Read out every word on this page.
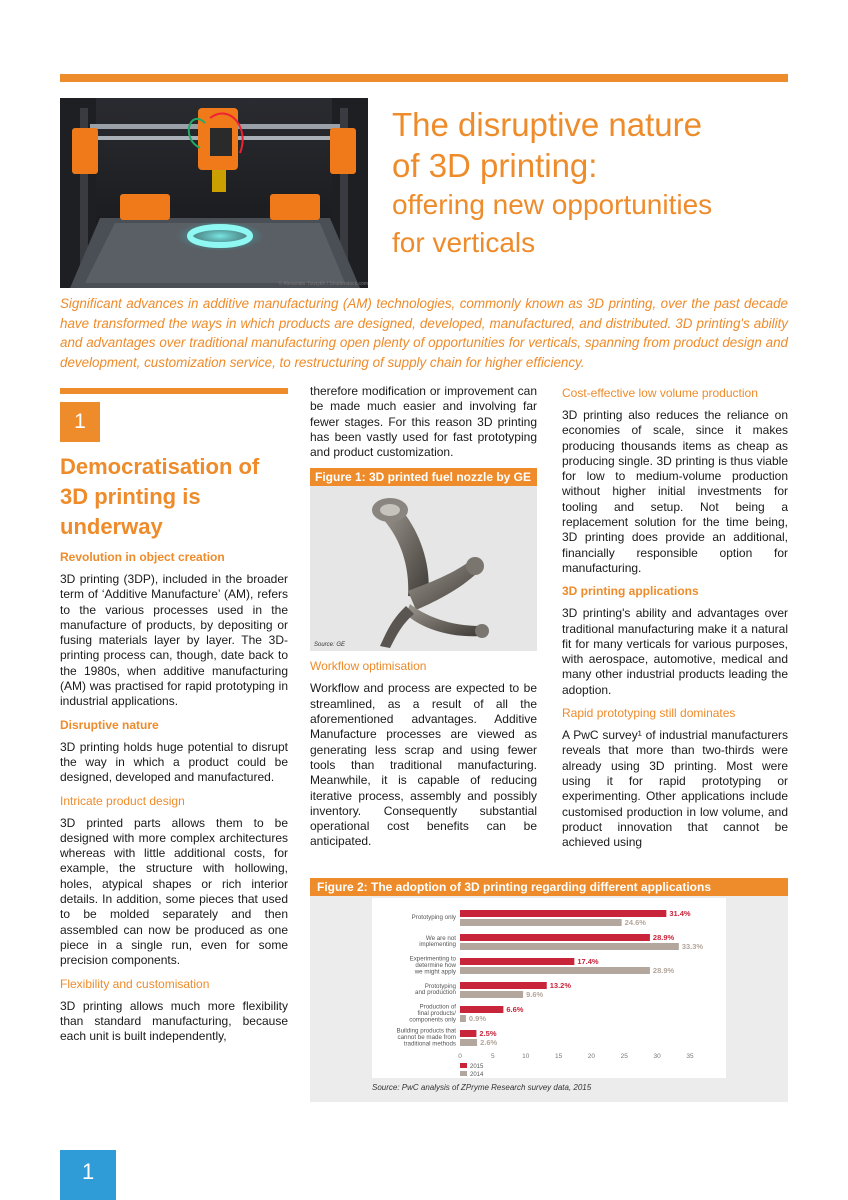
© Alexander Tolstykh / Shutterstock.com
The disruptive nature
of 3D printing:
offering new opportunities
for verticals
Significant advances in additive manufacturing (AM) technologies, commonly known as 3D printing, over the past decade have transformed the ways in which products are designed, developed, manufactured, and distributed. 3D printing's ability and advantages over traditional manufacturing open plenty of opportunities for verticals, spanning from product design and development, customization service, to restructuring of supply chain for higher efficiency.
1
Democratisation of 3D printing is underway
Revolution in object creation

3D printing (3DP), included in the broader term of ‘Additive Manufacture’ (AM), refers to the various processes used in the manufacture of products, by depositing or fusing materials layer by layer. The 3D-printing process can, though, date back to the 1980s, when additive manufacturing (AM) was practised for rapid prototyping in industrial applications.

Disruptive nature

3D printing holds huge potential to disrupt the way in which a product could be designed, developed and manufactured.

Intricate product design

3D printed parts allows them to be designed with more complex architectures whereas with little additional costs, for example, the structure with hollowing, holes, atypical shapes or rich interior details. In addition, some pieces that used to be molded separately and then assembled can now be produced as one piece in a single run, even for some precision components.

Flexibility and customisation

3D printing allows much more flexibility than standard manufacturing, because each unit is built independently,

therefore modification or improvement can be made much easier and involving far fewer stages. For this reason 3D printing has been vastly used for fast prototyping and product customization.

Figure 1: 3D printed fuel nozzle by GE
Source: GE
Workflow optimisation

Workflow and process are expected to be streamlined, as a result of all the aforementioned advantages. Additive Manufacture processes are viewed as generating less scrap and using fewer tools than traditional manufacturing. Meanwhile, it is capable of reducing iterative process, assembly and possibly inventory. Consequently substantial operational cost benefits can be anticipated.

Cost-effective low volume production

3D printing also reduces the reliance on economies of scale, since it makes producing thousands items as cheap as producing single. 3D printing is thus viable for low to medium-volume production without higher initial investments for tooling and setup. Not being a replacement solution for the time being, 3D printing does provide an additional, financially responsible option for manufacturing.

3D printing applications

3D printing's ability and advantages over traditional manufacturing make it a natural fit for many verticals for various purposes, with aerospace, automotive, medical and many other industrial products leading the adoption.

Rapid prototyping still dominates

A PwC survey¹ of industrial manufacturers reveals that more than two-thirds were already using 3D printing. Most were using it for rapid prototyping or experimenting. Other applications include customised production in low volume, and product innovation that cannot be achieved using

Figure 2: The adoption of 3D printing regarding different applications
Prototyping only	31.4%
24.6%
We are not
implementing
28.9%
33.3%
Experimenting to
determine how
we might apply
17.4%
28.9%
Prototyping
and production
13.2%
9.6%
Production of
final products/
components only
6.6%
0.9%
Building products that
cannot be made from
traditional methods
2.5%
2.6%
0	5	10	15	20	25	30	35
2015
2014
Source: PwC analysis of ZPryme Research survey data, 2015
1
